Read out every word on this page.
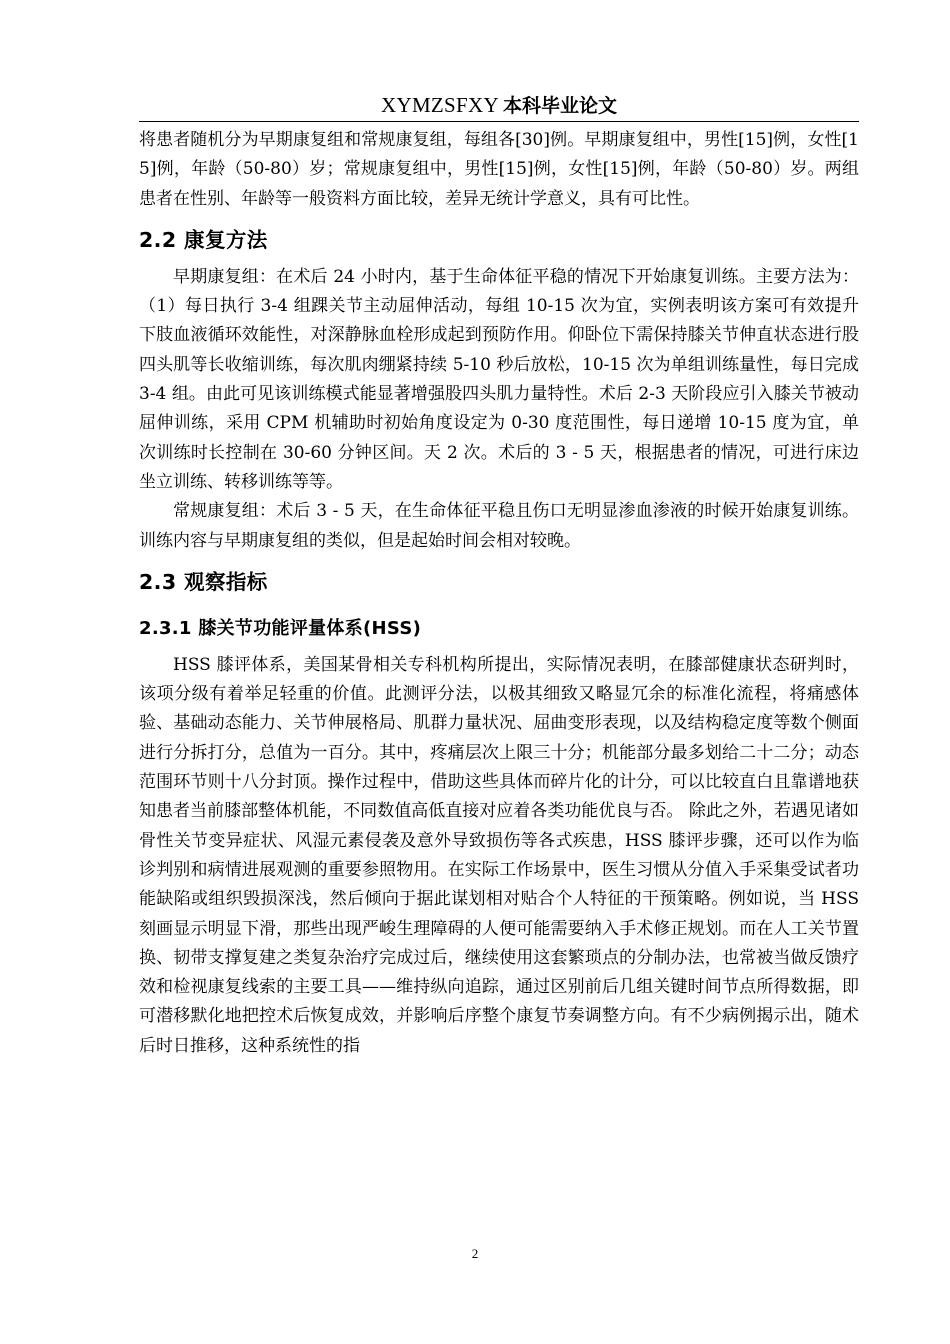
XYMZSFXY 本科毕业论文

将患者随机分为早期康复组和常规康复组，每组各[30]例。早期康复组中，男性[15]例，女性[15]例，年龄（50-80）岁；常规康复组中，男性[15]例，女性[15]例，年龄（50-80）岁。两组患者在性别、年龄等一般资料方面比较，差异无统计学意义，具有可比性。

2.2 康复方法

早期康复组：在术后 24 小时内，基于生命体征平稳的情况下开始康复训练。主要方法为：（1）每日执行 3-4 组踝关节主动屈伸活动，每组 10-15 次为宜，实例表明该方案可有效提升下肢血液循环效能性，对深静脉血栓形成起到预防作用。仰卧位下需保持膝关节伸直状态进行股四头肌等长收缩训练，每次肌肉绷紧持续 5-10 秒后放松，10-15 次为单组训练量性，每日完成 3-4 组。由此可见该训练模式能显著增强股四头肌力量特性。术后 2-3 天阶段应引入膝关节被动屈伸训练，采用 CPM 机辅助时初始角度设定为 0-30 度范围性，每日递增 10-15 度为宜，单次训练时长控制在 30-60 分钟区间。天 2 次。术后的 3 - 5 天，根据患者的情况，可进行床边坐立训练、转移训练等等。

常规康复组：术后 3 - 5 天，在生命体征平稳且伤口无明显渗血渗液的时候开始康复训练。训练内容与早期康复组的类似，但是起始时间会相对较晚。

2.3 观察指标
2.3.1 膝关节功能评量体系(HSS)

HSS 膝评体系，美国某骨相关专科机构所提出，实际情况表明，在膝部健康状态研判时，该项分级有着举足轻重的价值。此测评分法，以极其细致又略显冗余的标准化流程，将痛感体验、基础动态能力、关节伸展格局、肌群力量状况、屈曲变形表现，以及结构稳定度等数个侧面进行分拆打分，总值为一百分。其中，疼痛层次上限三十分；机能部分最多划给二十二分；动态范围环节则十八分封顶。操作过程中，借助这些具体而碎片化的计分，可以比较直白且靠谱地获知患者当前膝部整体机能，不同数值高低直接对应着各类功能优良与否。 除此之外，若遇见诸如骨性关节变异症状、风湿元素侵袭及意外导致损伤等各式疾患，HSS 膝评步骤，还可以作为临诊判别和病情进展观测的重要参照物用。在实际工作场景中，医生习惯从分值入手采集受试者功能缺陷或组织毁损深浅，然后倾向于据此谋划相对贴合个人特征的干预策略。例如说，当 HSS 刻画显示明显下滑，那些出现严峻生理障碍的人便可能需要纳入手术修正规划。而在人工关节置换、韧带支撑复建之类复杂治疗完成过后，继续使用这套繁琐点的分制办法，也常被当做反馈疗效和检视康复线索的主要工具——维持纵向追踪，通过区别前后几组关键时间节点所得数据，即可潜移默化地把控术后恢复成效，并影响后序整个康复节奏调整方向。有不少病例揭示出，随术后时日推移，这种系统性的指

2
